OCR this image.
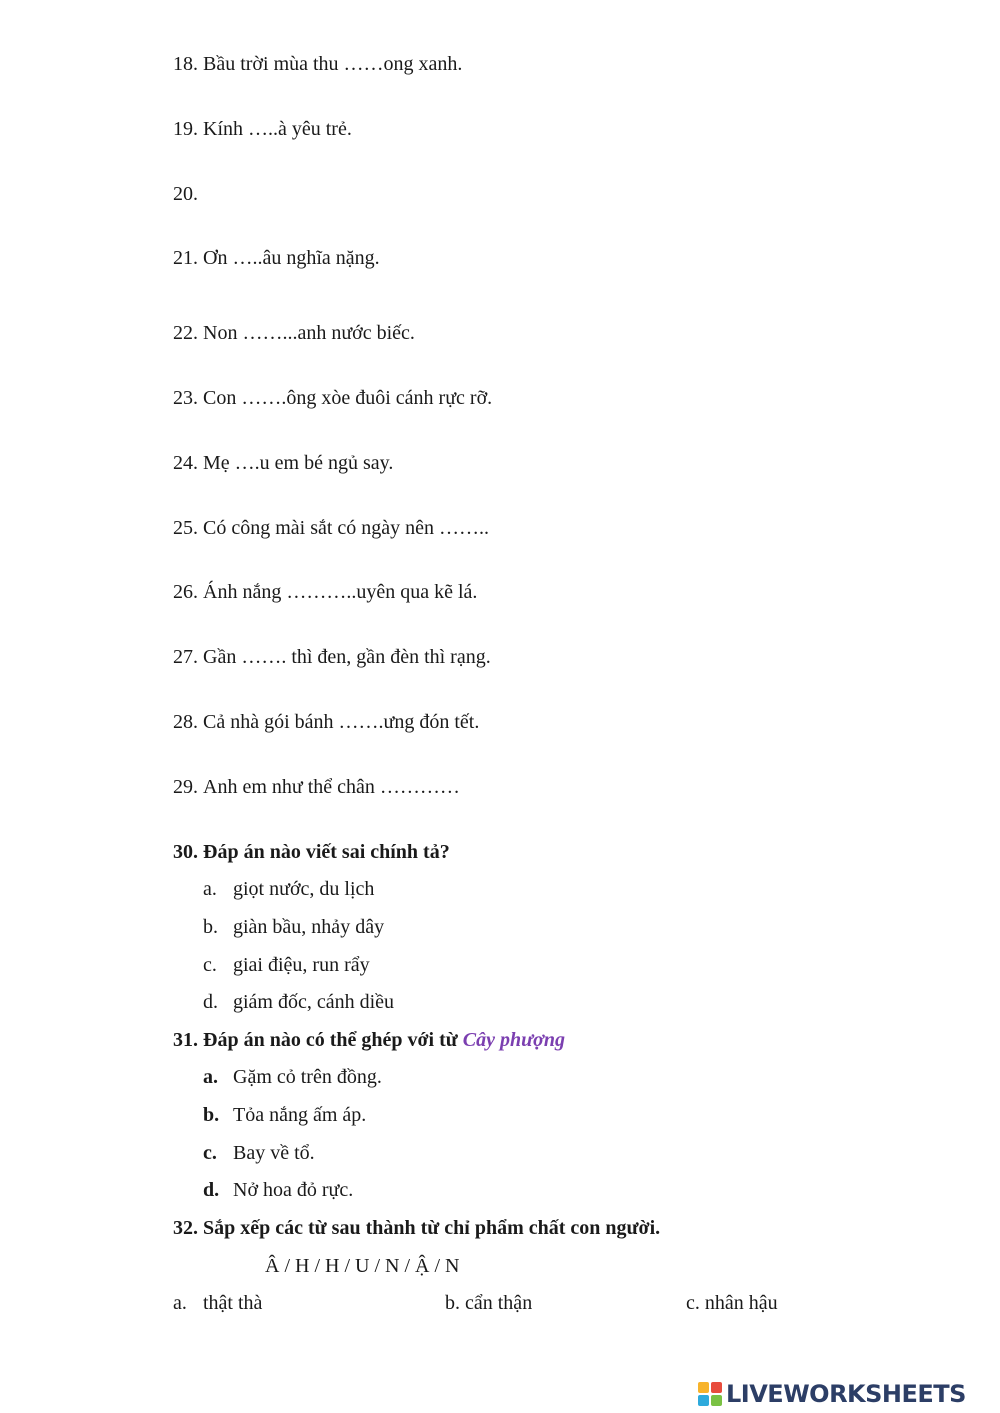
18. Bầu trời mùa thu ……ong xanh.
19. Kính …..à yêu trẻ.
20.
21. Ơn …..âu nghĩa nặng.
22. Non ……...anh nước biếc.
23. Con …….ông xòe đuôi cánh rực rỡ.
24. Mẹ ….u em bé ngủ say.
25. Có công mài sắt có ngày nên ……..
26. Ánh nắng ………..uyên qua kẽ lá.
27. Gần ……. thì đen, gần đèn thì rạng.
28. Cả nhà gói bánh …….ưng đón tết.
29. Anh em như thể chân …………
30. Đáp án nào viết sai chính tả?
a. giọt nước, du lịch
b. giàn bầu, nhảy dây
c. giai điệu, run rẩy
d. giám đốc, cánh diều
31. Đáp án nào có thể ghép với từ Cây phượng
a. Gặm cỏ trên đồng.
b. Tỏa nắng ấm áp.
c. Bay về tổ.
d. Nở hoa đỏ rực.
32. Sắp xếp các từ sau thành từ chỉ phẩm chất con người.
Â / H / H / U / N / Ậ / N
a. thật thà	b. cẩn thận	c. nhân hậu
LIVEWORKSHEETS
